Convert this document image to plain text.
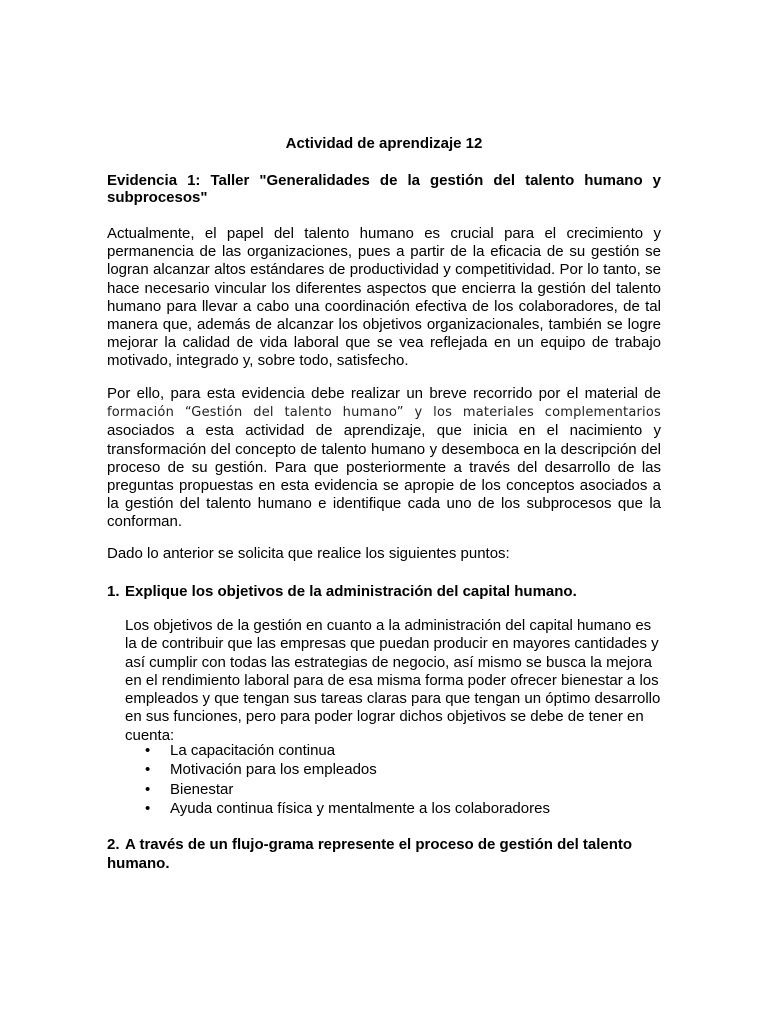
Actividad de aprendizaje 12

Evidencia 1: Taller "Generalidades de la gestión del talento humano y subprocesos"

Actualmente, el papel del talento humano es crucial para el crecimiento y permanencia de las organizaciones, pues a partir de la eficacia de su gestión se logran alcanzar altos estándares de productividad y competitividad. Por lo tanto, se hace necesario vincular los diferentes aspectos que encierra la gestión del talento humano para llevar a cabo una coordinación efectiva de los colaboradores, de tal manera que, además de alcanzar los objetivos organizacionales, también se logre mejorar la calidad de vida laboral que se vea reflejada en un equipo de trabajo motivado, integrado y, sobre todo, satisfecho.

Por ello, para esta evidencia debe realizar un breve recorrido por el material de formación “Gestión del talento humano” y los materiales complementarios asociados a esta actividad de aprendizaje, que inicia en el nacimiento y transformación del concepto de talento humano y desemboca en la descripción del proceso de su gestión. Para que posteriormente a través del desarrollo de las preguntas propuestas en esta evidencia se apropie de los conceptos asociados a la gestión del talento humano e identifique cada uno de los subprocesos que la conforman.

Dado lo anterior se solicita que realice los siguientes puntos:

1. Explique los objetivos de la administración del capital humano.

Los objetivos de la gestión en cuanto a la administración del capital humano es la de contribuir que las empresas que puedan producir en mayores cantidades y así cumplir con todas las estrategias de negocio, así mismo se busca la mejora en el rendimiento laboral para de esa misma forma poder ofrecer bienestar a los empleados y que tengan sus tareas claras para que tengan un óptimo desarrollo en sus funciones, pero para poder lograr dichos objetivos se debe de tener en cuenta:

• La capacitación continua
• Motivación para los empleados
• Bienestar
• Ayuda continua física y mentalmente a los colaboradores

2. A través de un flujo-grama represente el proceso de gestión del talento humano.
